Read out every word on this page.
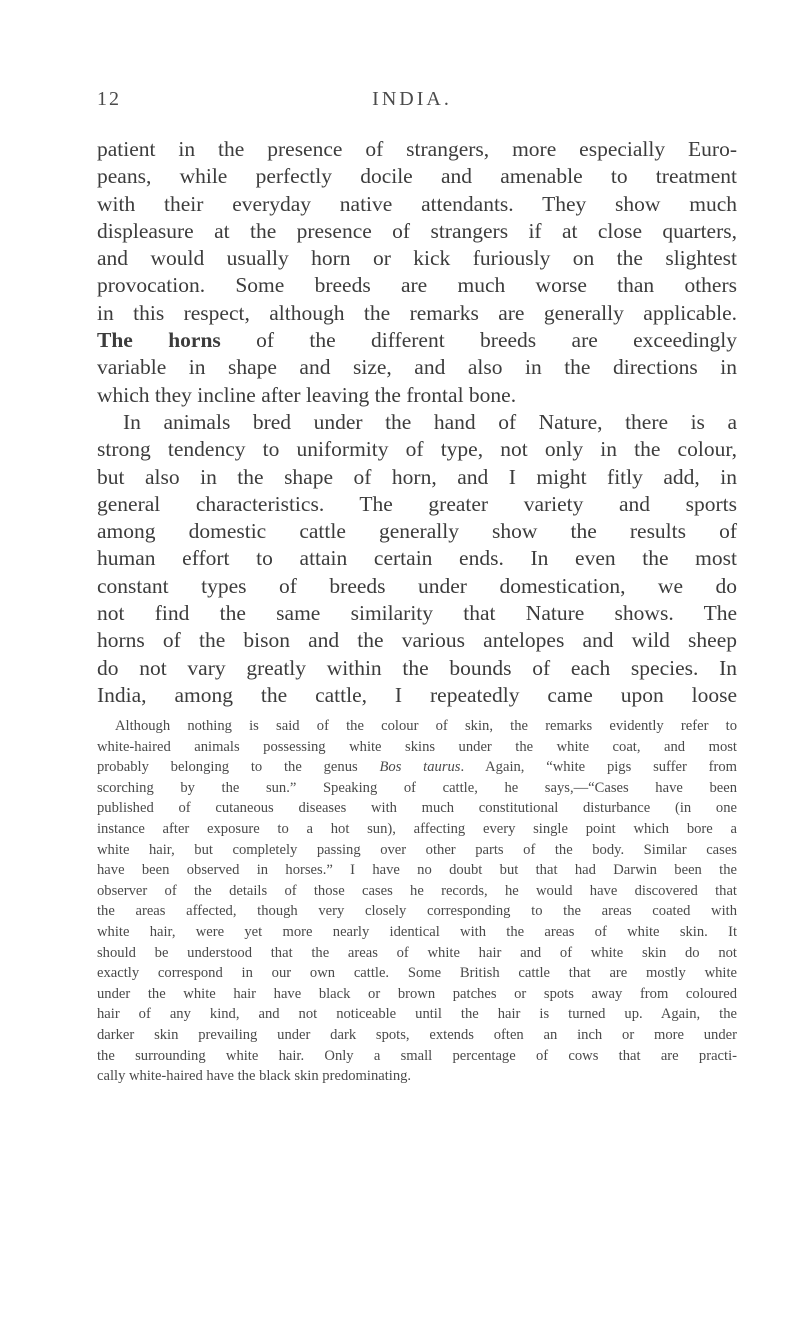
12	INDIA.

patient in the presence of strangers, more especially Euro-

peans, while perfectly docile and amenable to treatment

with their everyday native attendants. They show much

displeasure at the presence of strangers if at close quarters,

and would usually horn or kick furiously on the slightest

provocation. Some breeds are much worse than others

in this respect, although the remarks are generally applicable.

The horns of the different breeds are exceedingly

variable in shape and size, and also in the directions in

which they incline after leaving the frontal bone.

In animals bred under the hand of Nature, there is a

strong tendency to uniformity of type, not only in the colour,

but also in the shape of horn, and I might fitly add, in

general characteristics. The greater variety and sports

among domestic cattle generally show the results of

human effort to attain certain ends. In even the most

constant types of breeds under domestication, we do

not find the same similarity that Nature shows. The

horns of the bison and the various antelopes and wild sheep

do not vary greatly within the bounds of each species. In

India, among the cattle, I repeatedly came upon loose

Although nothing is said of the colour of skin, the remarks evidently refer to

white-haired animals possessing white skins under the white coat, and most

probably belonging to the genus Bos taurus. Again, “white pigs suffer from

scorching by the sun.” Speaking of cattle, he says,—“Cases have been

published of cutaneous diseases with much constitutional disturbance (in one

instance after exposure to a hot sun), affecting every single point which bore a

white hair, but completely passing over other parts of the body. Similar cases

have been observed in horses.” I have no doubt but that had Darwin been the

observer of the details of those cases he records, he would have discovered that

the areas affected, though very closely corresponding to the areas coated with

white hair, were yet more nearly identical with the areas of white skin. It

should be understood that the areas of white hair and of white skin do not

exactly correspond in our own cattle. Some British cattle that are mostly white

under the white hair have black or brown patches or spots away from coloured

hair of any kind, and not noticeable until the hair is turned up. Again, the

darker skin prevailing under dark spots, extends often an inch or more under

the surrounding white hair. Only a small percentage of cows that are practi-

cally white-haired have the black skin predominating.
